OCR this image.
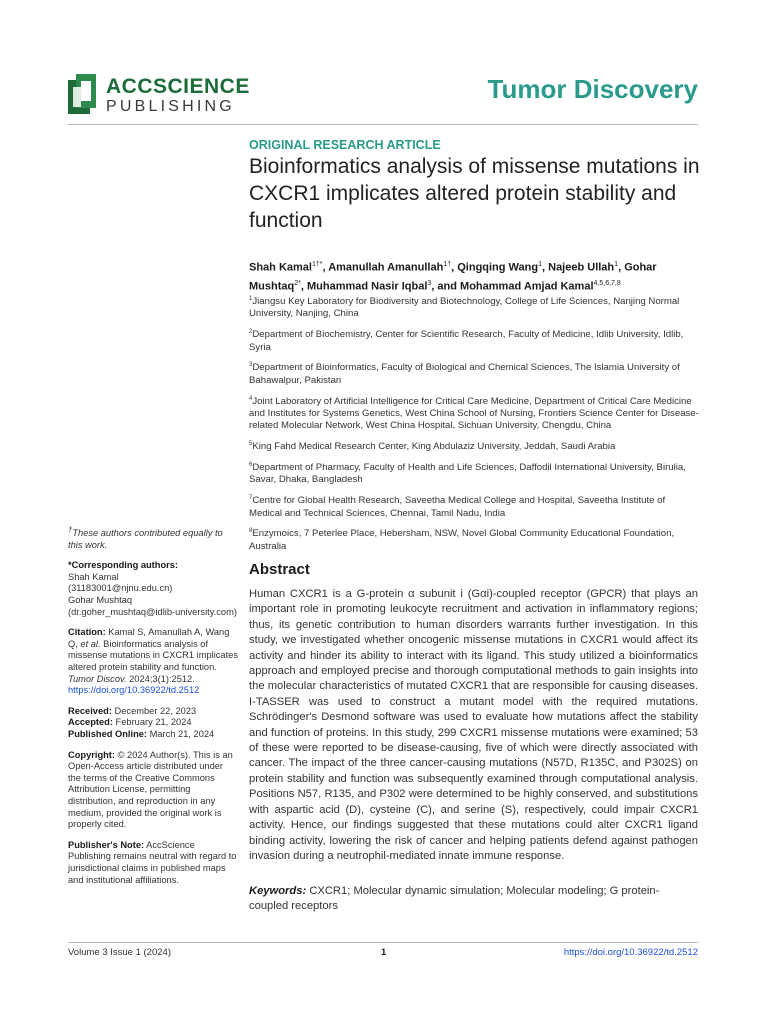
ACCSCIENCE
PUBLISHING
Tumor Discovery
ORIGINAL RESEARCH ARTICLE
Bioinformatics analysis of missense mutations in CXCR1 implicates altered protein stability and function
Shah Kamal$^{1\dagger*}$, Amanullah Amanullah$^{1\dagger}$, Qingqing Wang$^1$, Najeeb Ullah$^1$, Gohar Mushtaq$^{2*}$, Muhammad Nasir Iqbal$^3$, and Mohammad Amjad Kamal$^{4,5,6,7,8}$
$^1$Jiangsu Key Laboratory for Biodiversity and Biotechnology, College of Life Sciences, Nanjing Normal University, Nanjing, China
$^2$Department of Biochemistry, Center for Scientific Research, Faculty of Medicine, Idlib University, Idlib, Syria
$^3$Department of Bioinformatics, Faculty of Biological and Chemical Sciences, The Islamia University of Bahawalpur, Pakistan
$^4$Joint Laboratory of Artificial Intelligence for Critical Care Medicine, Department of Critical Care Medicine and Institutes for Systems Genetics, West China School of Nursing, Frontiers Science Center for Disease-related Molecular Network, West China Hospital, Sichuan University, Chengdu, China
$^5$King Fahd Medical Research Center, King Abdulaziz University, Jeddah, Saudi Arabia
$^6$Department of Pharmacy, Faculty of Health and Life Sciences, Daffodil International University, Birulia, Savar, Dhaka, Bangladesh
$^7$Centre for Global Health Research, Saveetha Medical College and Hospital, Saveetha Institute of Medical and Technical Sciences, Chennai, Tamil Nadu, India
$^8$Enzymoics, 7 Peterlee Place, Hebersham, NSW, Novel Global Community Educational Foundation, Australia
†These authors contributed equally to this work.
*Corresponding authors:
Shah Kamal
(31183001@njnu.edu.cn)
Gohar Mushtaq
(dr.goher_mushtaq@idlib-university.com)
Citation: Kamal S, Amanullah A, Wang Q, et al. Bioinformatics analysis of missense mutations in CXCR1 implicates altered protein stability and function. Tumor Discov. 2024;3(1):2512. https://doi.org/10.36922/td.2512
Received: December 22, 2023
Accepted: February 21, 2024
Published Online: March 21, 2024
Copyright: © 2024 Author(s). This is an Open-Access article distributed under the terms of the Creative Commons Attribution License, permitting distribution, and reproduction in any medium, provided the original work is properly cited.
Publisher's Note: AccScience Publishing remains neutral with regard to jurisdictional claims in published maps and institutional affiliations.
Abstract
Human CXCR1 is a G-protein α subunit i (Gαi)-coupled receptor (GPCR) that plays an important role in promoting leukocyte recruitment and activation in inflammatory regions; thus, its genetic contribution to human disorders warrants further investigation. In this study, we investigated whether oncogenic missense mutations in CXCR1 would affect its activity and hinder its ability to interact with its ligand. This study utilized a bioinformatics approach and employed precise and thorough computational methods to gain insights into the molecular characteristics of mutated CXCR1 that are responsible for causing diseases. I-TASSER was used to construct a mutant model with the required mutations. Schrödinger's Desmond software was used to evaluate how mutations affect the stability and function of proteins. In this study, 299 CXCR1 missense mutations were examined; 53 of these were reported to be disease-causing, five of which were directly associated with cancer. The impact of the three cancer-causing mutations (N57D, R135C, and P302S) on protein stability and function was subsequently examined through computational analysis. Positions N57, R135, and P302 were determined to be highly conserved, and substitutions with aspartic acid (D), cysteine (C), and serine (S), respectively, could impair CXCR1 activity. Hence, our findings suggested that these mutations could alter CXCR1 ligand binding activity, lowering the risk of cancer and helping patients defend against pathogen invasion during a neutrophil-mediated innate immune response.
Keywords: CXCR1; Molecular dynamic simulation; Molecular modeling; G protein-coupled receptors
Volume 3 Issue 1 (2024)	1	https://doi.org/10.36922/td.2512
